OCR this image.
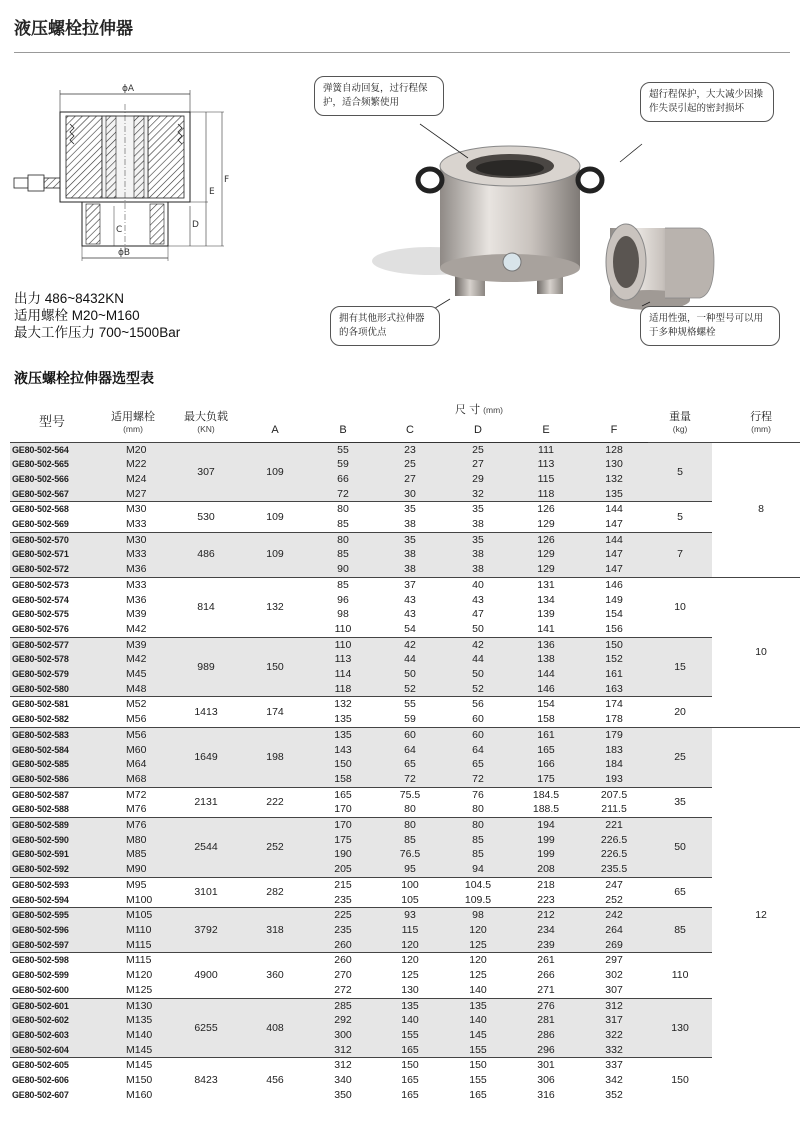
液压螺栓拉伸器
ϕA
E
F
D
C
ϕB
出力 486~8432KN
适用螺栓 M20~M160
最大工作压力 700~1500Bar
弹簧自动回复，过行程保护，适合频繁使用
超行程保护，大大减少因操作失误引起的密封损坏
拥有其他形式拉伸器的各项优点
适用性强，一种型号可以用于多种规格螺栓
液压螺栓拉伸器选型表
型号	适用螺栓
(mm)	最大负载
(KN)		尺 寸 (mm)					重量
(kg)	行程
(mm)

			A	B	C	D	E	F		
GE80-502-564	M20	307	109	55	23	25	111	128	5	8
GE80-502-565	M22			59	25	27	113	130		
GE80-502-566	M24			66	27	29	115	132		
GE80-502-567	M27			72	30	32	118	135		
GE80-502-568	M30	530	109	80	35	35	126	144	5	
GE80-502-569	M33			85	38	38	129	147		
GE80-502-570	M30	486	109	80	35	35	126	144	7	
GE80-502-571	M33			85	38	38	129	147		
GE80-502-572	M36			90	38	38	129	147		
GE80-502-573	M33	814	132	85	37	40	131	146	10	10
GE80-502-574	M36			96	43	43	134	149		
GE80-502-575	M39			98	43	47	139	154		
GE80-502-576	M42			110	54	50	141	156		
GE80-502-577	M39	989	150	110	42	42	136	150	15	
GE80-502-578	M42			113	44	44	138	152		
GE80-502-579	M45			114	50	50	144	161		
GE80-502-580	M48			118	52	52	146	163		
GE80-502-581	M52	1413	174	132	55	56	154	174	20	
GE80-502-582	M56			135	59	60	158	178		
GE80-502-583	M56	1649	198	135	60	60	161	179	25	12
GE80-502-584	M60			143	64	64	165	183		
GE80-502-585	M64			150	65	65	166	184		
GE80-502-586	M68			158	72	72	175	193		
GE80-502-587	M72	2131	222	165	75.5	76	184.5	207.5	35	
GE80-502-588	M76			170	80	80	188.5	211.5		
GE80-502-589	M76	2544	252	170	80	80	194	221	50	
GE80-502-590	M80			175	85	85	199	226.5		
GE80-502-591	M85			190	76.5	85	199	226.5		
GE80-502-592	M90			205	95	94	208	235.5		
GE80-502-593	M95	3101	282	215	100	104.5	218	247	65	
GE80-502-594	M100			235	105	109.5	223	252		
GE80-502-595	M105	3792	318	225	93	98	212	242	85	
GE80-502-596	M110			235	115	120	234	264		
GE80-502-597	M115			260	120	125	239	269		
GE80-502-598	M115	4900	360	260	120	120	261	297	110	
GE80-502-599	M120			270	125	125	266	302		
GE80-502-600	M125			272	130	140	271	307		
GE80-502-601	M130	6255	408	285	135	135	276	312	130	
GE80-502-602	M135			292	140	140	281	317		
GE80-502-603	M140			300	155	145	286	322		
GE80-502-604	M145			312	165	155	296	332		
GE80-502-605	M145	8423	456	312	150	150	301	337	150	
GE80-502-606	M150			340	165	155	306	342		
GE80-502-607	M160			350	165	165	316	352		
